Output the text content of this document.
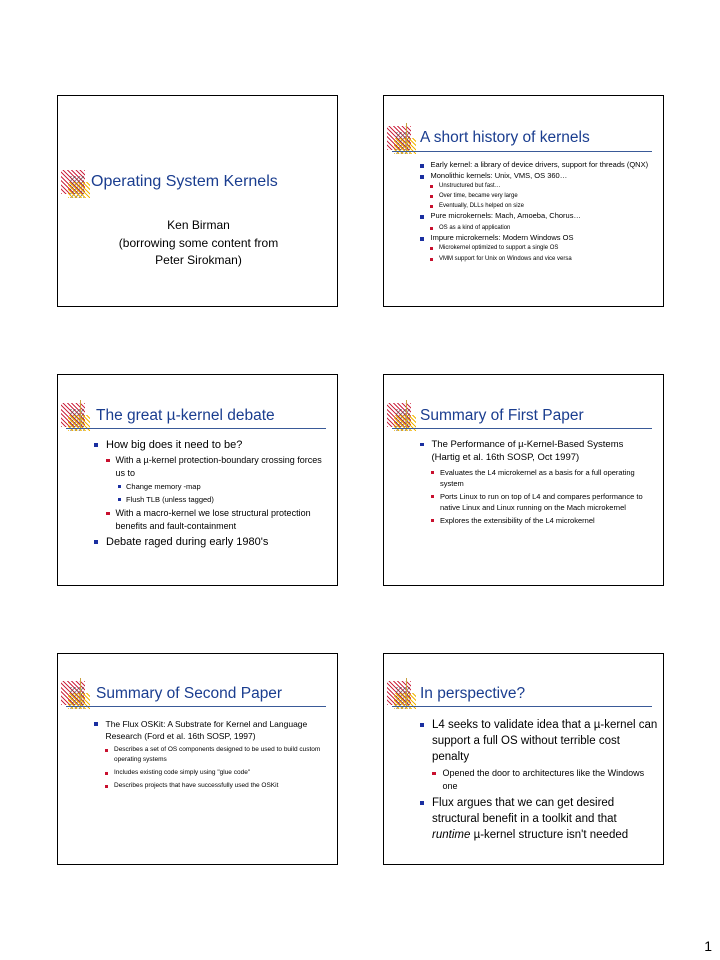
Operating System Kernels
Ken Birman
(borrowing some content from
Peter Sirokman)
A short history of kernels
Early kernel: a library of device drivers, support for threads (QNX)
Monolithic kernels: Unix, VMS, OS 360…
Unstructured but fast…
Over time, became very large
Eventually, DLLs helped on size
Pure microkernels: Mach, Amoeba, Chorus…
OS as a kind of application
Impure microkernels: Modern Windows OS
Microkernel optimized to support a single OS
VMM support for Unix on Windows and vice versa
The great µ-kernel debate
How big does it need to be?
With a µ-kernel protection-boundary crossing forces us to
Change memory -map
Flush TLB (unless tagged)
With a macro-kernel we lose structural protection benefits and fault-containment
Debate raged during early 1980's
Summary of First Paper
The Performance of µ-Kernel-Based Systems (Hartig et al. 16th SOSP, Oct 1997)
Evaluates the L4 microkernel as a basis for a full operating system
Ports Linux to run on top of L4 and compares performance to native Linux and Linux running on the Mach microkernel
Explores the extensibility of the L4 microkernel
Summary of Second Paper
The Flux OSKit: A Substrate for Kernel and Language Research (Ford et al. 16th SOSP, 1997)
Describes a set of OS components designed to be used to build custom operating systems
Includes existing code simply using "glue code"
Describes projects that have successfully used the OSKit
In perspective?
L4 seeks to validate idea that a µ-kernel can support a full OS without terrible cost penalty
Opened the door to architectures like the Windows one
Flux argues that we can get desired structural benefit in a toolkit and that runtime µ-kernel structure isn't needed
1
